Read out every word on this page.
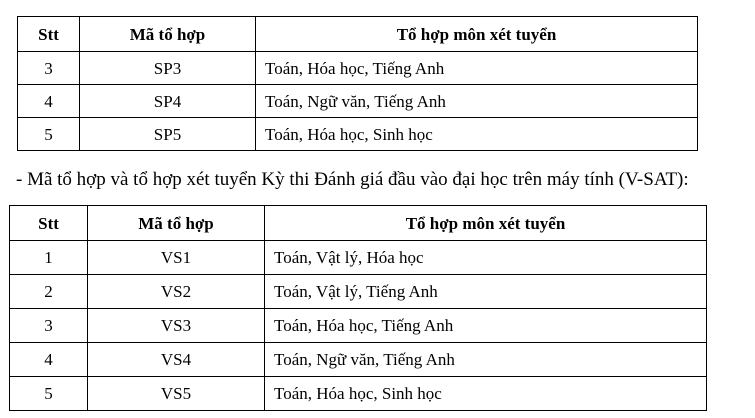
Stt	Mã tổ hợp	Tổ hợp môn xét tuyển
3	SP3	Toán, Hóa học, Tiếng Anh
4	SP4	Toán, Ngữ văn, Tiếng Anh
5	SP5	Toán, Hóa học, Sinh học
- Mã tổ hợp và tổ hợp xét tuyển Kỳ thi Đánh giá đầu vào đại học trên máy tính (V-SAT):
Stt	Mã tổ hợp	Tổ hợp môn xét tuyển
1	VS1	Toán, Vật lý, Hóa học
2	VS2	Toán, Vật lý, Tiếng Anh
3	VS3	Toán, Hóa học, Tiếng Anh
4	VS4	Toán, Ngữ văn, Tiếng Anh
5	VS5	Toán, Hóa học, Sinh học
